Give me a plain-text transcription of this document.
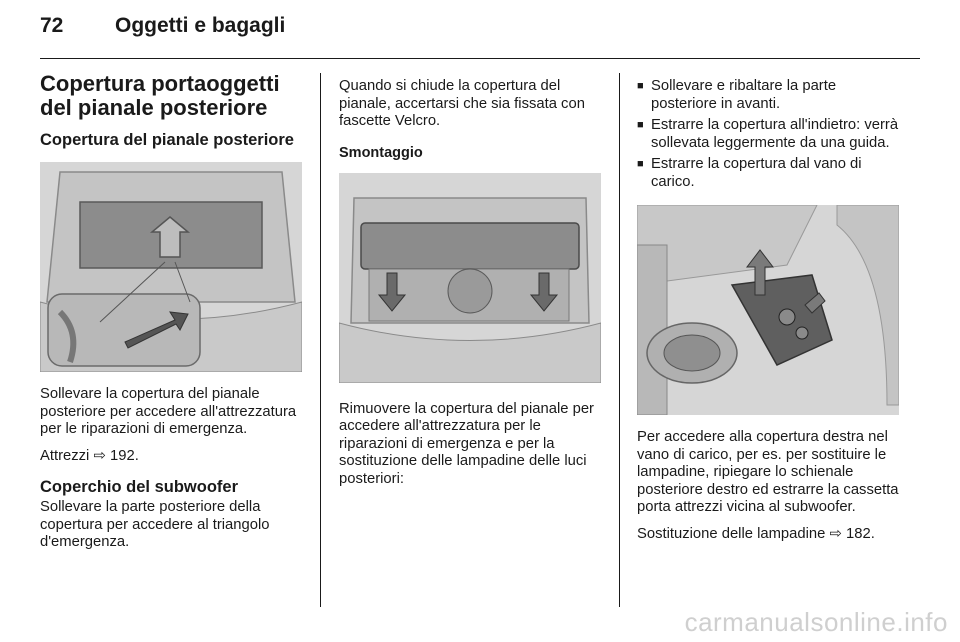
72 Oggetti e bagagli

Copertura portaoggetti del pianale posteriore

Copertura del pianale posteriore

Sollevare la copertura del pianale posteriore per accedere all'attrezzatura per le riparazioni di emergenza.

Attrezzi ⇨ 192.

Coperchio del subwoofer

Sollevare la parte posteriore della copertura per accedere al triangolo d'emergenza.

Quando si chiude la copertura del pianale, accertarsi che sia fissata con fascette Velcro.

Smontaggio

Rimuovere la copertura del pianale per accedere all'attrezzatura per le riparazioni di emergenza e per la sostituzione delle lampadine delle luci posteriori:

■ Sollevare e ribaltare la parte posteriore in avanti.
■ Estrarre la copertura all'indietro: verrà sollevata leggermente da una guida.
■ Estrarre la copertura dal vano di carico.

Per accedere alla copertura destra nel vano di carico, per es. per sostituire le lampadine, ripiegare lo schienale posteriore destro ed estrarre la cassetta porta attrezzi vicina al subwoofer.

Sostituzione delle lampadine ⇨ 182.

carmanualsonline.info
